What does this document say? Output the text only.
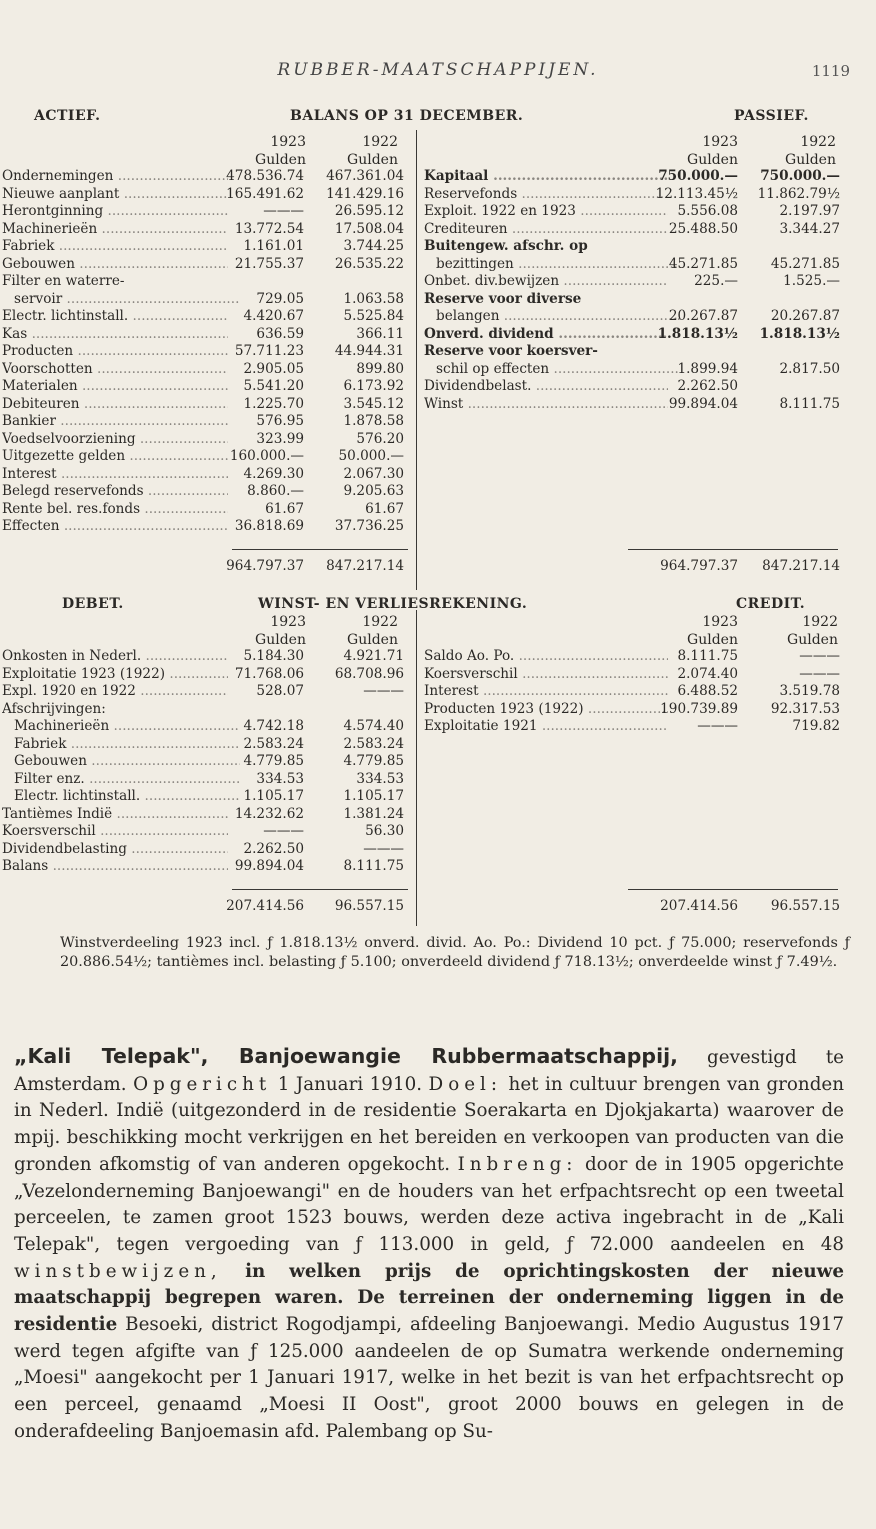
RUBBER-MAATSCHAPPIJEN.	1119
ACTIEF.	BALANS OP 31 DECEMBER.	PASSIEF.
1923	1922	1923	1922
Gulden	Gulden	Gulden	Gulden
Ondernemingen .....	478.536.74	467.361.04
Nieuwe aanplant .....	165.491.62	141.429.16
Herontginning .....	———	26.595.12
Machinerieën .....	13.772.54	17.508.04
Fabriek .....	1.161.01	3.744.25
Gebouwen .....	21.755.37	26.535.22
Filter en waterre-
servoir .....	729.05	1.063.58
Electr. lichtinstall. .....	4.420.67	5.525.84
Kas .....	636.59	366.11
Producten .....	57.711.23	44.944.31
Voorschotten .....	2.905.05	899.80
Materialen .....	5.541.20	6.173.92
Debiteuren .....	1.225.70	3.545.12
Bankier .....	576.95	1.878.58
Voedselvoorziening .....	323.99	576.20
Uitgezette gelden .....	160.000.—	50.000.—
Interest .....	4.269.30	2.067.30
Belegd reservefonds .....	8.860.—	9.205.63
Rente bel. res.fonds .....	61.67	61.67
Effecten .....	36.818.69	37.736.25
Kapitaal .....	750.000.—	750.000.—
Reservefonds .....	12.113.45½	11.862.79½
Exploit. 1922 en 1923 .....	5.556.08	2.197.97
Crediteuren .....	25.488.50	3.344.27
Buitengew. afschr. op
bezittingen .....	45.271.85	45.271.85
Onbet. div.bewijzen .....	225.—	1.525.—
Reserve voor diverse
belangen .....	20.267.87	20.267.87
Onverd. dividend .....	1.818.13½	1.818.13½
Reserve voor koersver-
schil op effecten .....	1.899.94	2.817.50
Dividendbelast. .....	2.262.50
Winst .....	99.894.04	8.111.75
964.797.37	847.217.14	964.797.37	847.217.14
DEBET.	WINST- EN VERLIESREKENING.	CREDIT.
1923	1922	1923	1922
Gulden	Gulden	Gulden	Gulden
Onkosten in Nederl. .....	5.184.30	4.921.71
Exploitatie 1923 (1922) .....	71.768.06	68.708.96
Expl. 1920 en 1922 .....	528.07	———
Afschrijvingen:
Machinerieën .....	4.742.18	4.574.40
Fabriek .....	2.583.24	2.583.24
Gebouwen .....	4.779.85	4.779.85
Filter enz. .....	334.53	334.53
Electr. lichtinstall. .....	1.105.17	1.105.17
Tantièmes Indië .....	14.232.62	1.381.24
Koersverschil .....	———	56.30
Dividendbelasting .....	2.262.50	———
Balans .....	99.894.04	8.111.75
Saldo Ao. Po. .....	8.111.75	———
Koersverschil .....	2.074.40	———
Interest .....	6.488.52	3.519.78
Producten 1923 (1922) .....	190.739.89	92.317.53
Exploitatie 1921 .....	———	719.82
207.414.56	96.557.15	207.414.56	96.557.15
Winstverdeeling 1923 incl. ƒ 1.818.13½ onverd. divid. Ao. Po.: Dividend 10 pct. ƒ 75.000; reservefonds ƒ 20.886.54½; tantièmes incl. belasting ƒ 5.100; onverdeeld dividend ƒ 718.13½; onverdeelde winst ƒ 7.49½.

„Kali Telepak", Banjoewangie Rubbermaatschappij, gevestigd te Amsterdam. Opgericht 1 Januari 1910. Doel: het in cultuur brengen van gronden in Nederl. Indië (uitgezonderd in de residentie Soerakarta en Djokjakarta) waarover de mpij. beschikking mocht verkrijgen en het bereiden en verkoopen van producten van die gronden afkomstig of van anderen opgekocht. Inbreng: door de in 1905 opgerichte „Vezelonderneming Banjoewangi" en de houders van het erfpachtsrecht op een tweetal perceelen, te zamen groot 1523 bouws, werden deze activa ingebracht in de „Kali Telepak", tegen vergoeding van ƒ 113.000 in geld, ƒ 72.000 aandeelen en 48 winstbewijzen, in welken prijs de oprichtingskosten der nieuwe maatschappij begrepen waren. De terreinen der onderneming liggen in de residentie Besoeki, district Rogodjampi, afdeeling Banjoewangi. Medio Augustus 1917 werd tegen afgifte van ƒ 125.000 aandeelen de op Sumatra werkende onderneming „Moesi" aangekocht per 1 Januari 1917, welke in het bezit is van het erfpachtsrecht op een perceel, genaamd „Moesi II Oost", groot 2000 bouws en gelegen in de onderafdeeling Banjoemasin afd. Palembang op Su-
